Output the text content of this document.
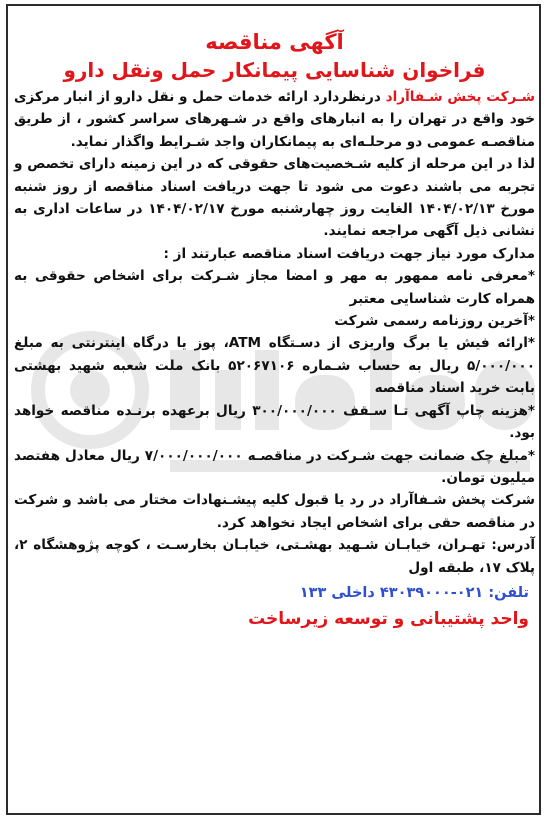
آگهی مناقصه

فراخوان شناسایی پیمانکار حمل ونقل دارو

شـرکت پخش شـفاآراد درنظردارد ارائه خدمات حمل و نقل دارو از انبار مرکزی خود واقع در تهران را به انبارهای واقع در شـهرهای سراسر کشور ، از طریق مناقصـه عمومی دو مرحلـه‌ای به پیمانکاران واجد شـرایط واگذار نماید.

لذا در این مرحله از کلیه شـخصیت‌های حقوقی که در این زمینه دارای تخصص و تجربه می باشند دعوت می شود تا جهت دریافت اسناد مناقصه از روز شنبه مورخ ۱۴۰۴/۰۲/۱۳ الغایت روز چهارشنبه مورخ ۱۴۰۴/۰۲/۱۷ در ساعات اداری به نشانی ذیل آگهی مراجعه نمایند.

مدارک مورد نیاز جهت دریافت اسناد مناقصه عبارتند از :

*معرفی نامه ممهور به مهر و امضا مجاز شـرکت برای اشخاص حقوقی به همراه کارت شناسایی معتبر
*آخرین روزنامه رسمی شرکت
*ارائه فیش یا برگ واریزی از دسـتگاه ATM، پوز یا درگاه اینترنتی به مبلغ ۵/۰۰۰/۰۰۰ ریال به حساب شـماره ۵۲۰۶۷۱۰۶ بانک ملت شعبه شهید بهشتی بابت خرید اسناد مناقصه
*هزینه چاپ آگهی تـا سـقف ۳۰۰/۰۰۰/۰۰۰ ریال برعهده برنـده مناقصه خواهد بود.
*مبلغ چک ضمانت جهت شـرکت در مناقصـه ۷/۰۰۰/۰۰۰/۰۰۰ ریال معادل هفتصد میلیون تومان.

شرکت پخش شـفاآراد در رد یا قبول کلیه پیشـنهادات مختار می باشد و شرکت در مناقصه حقی برای اشخاص ایجاد نخواهد کرد.

آدرس: تهـران، خیابـان شـهید بهشـتی، خیابـان بخارسـت ، کوچه پژوهشگاه ۲، پلاک ۱۷، طبقه اول

تلفن: ۰۲۱-۴۳۰۳۹۰۰۰ داخلی ۱۳۳

واحد پشتیبانی و توسعه زیرساخت
